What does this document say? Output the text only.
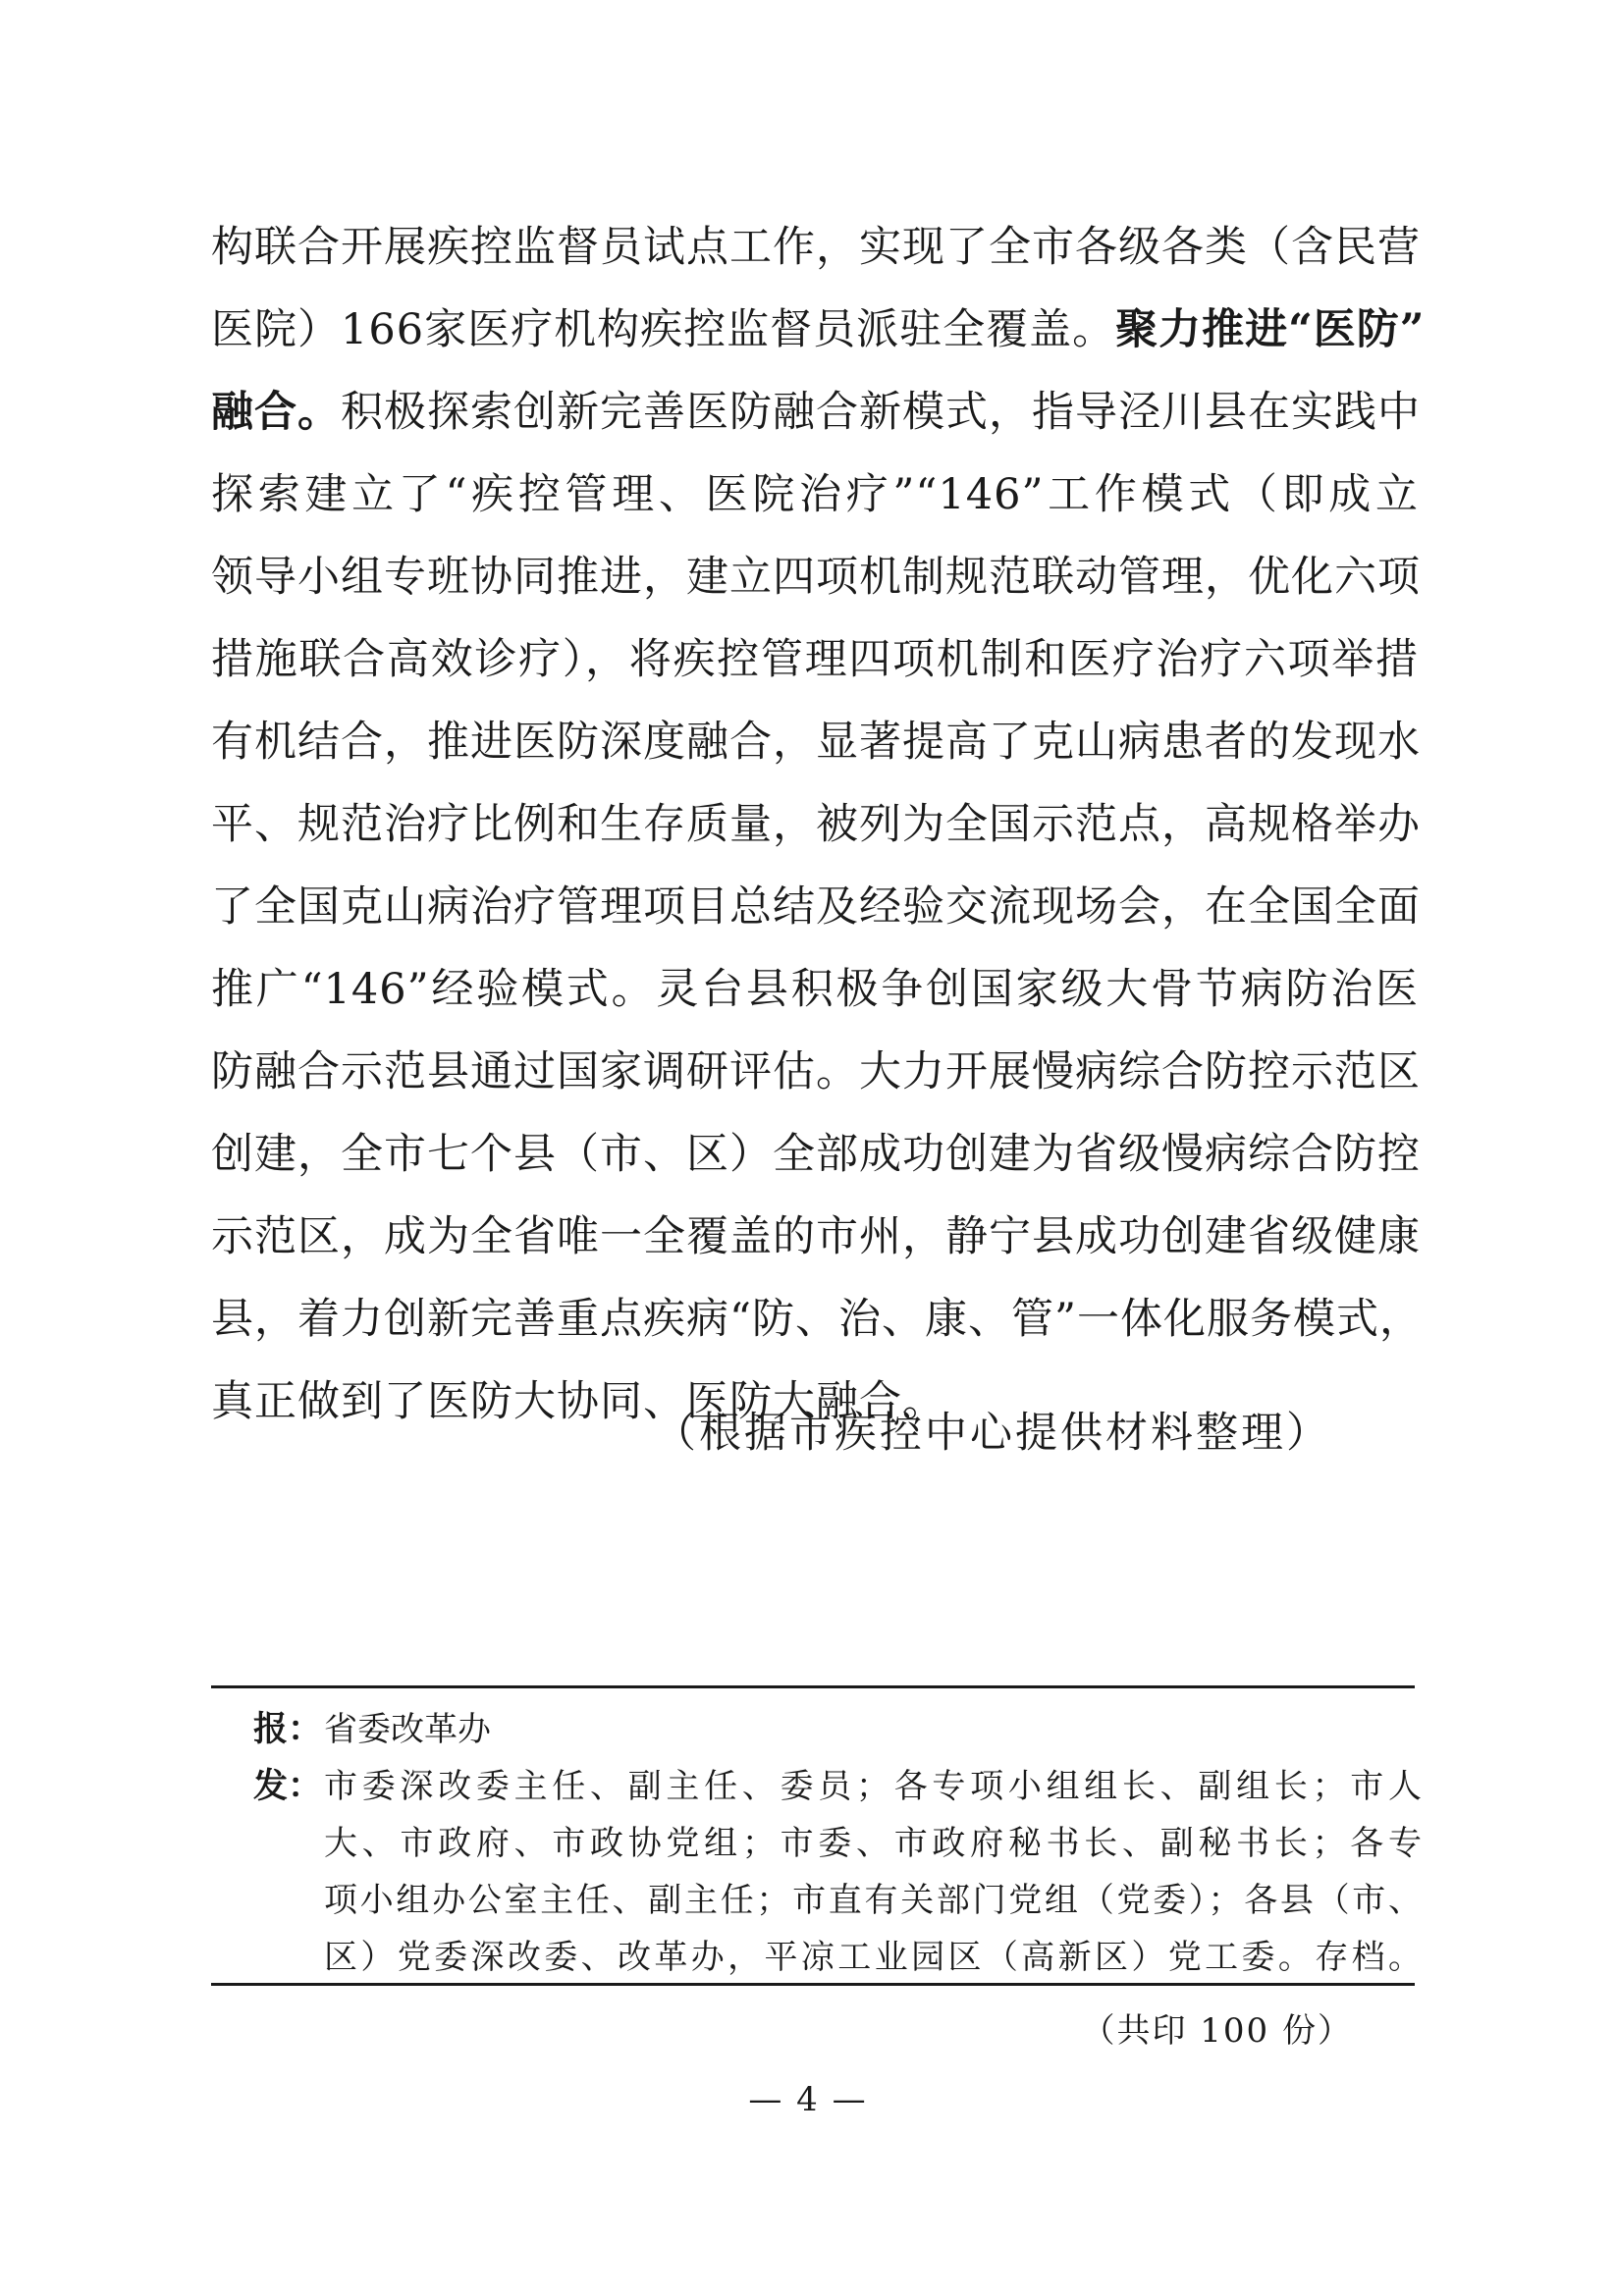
构联合开展疾控监督员试点工作，实现了全市各级各类（含民营
医院）166家医疗机构疾控监督员派驻全覆盖。聚力推进“医防”
融合。积极探索创新完善医防融合新模式，指导泾川县在实践中
探索建立了“疾控管理、医院治疗”“146”工作模式（即成立
领导小组专班协同推进，建立四项机制规范联动管理，优化六项
措施联合高效诊疗），将疾控管理四项机制和医疗治疗六项举措
有机结合，推进医防深度融合，显著提高了克山病患者的发现水
平、规范治疗比例和生存质量，被列为全国示范点，高规格举办
了全国克山病治疗管理项目总结及经验交流现场会，在全国全面
推广“146”经验模式。灵台县积极争创国家级大骨节病防治医
防融合示范县通过国家调研评估。大力开展慢病综合防控示范区
创建，全市七个县（市、区）全部成功创建为省级慢病综合防控
示范区，成为全省唯一全覆盖的市州，静宁县成功创建省级健康
县，着力创新完善重点疾病“防、治、康、管”一体化服务模式，
真正做到了医防大协同、医防大融合。
（根据市疾控中心提供材料整理）
报： 省委改革办
发： 市委深改委主任、副主任、委员；各专项小组组长、副组长；市人
大、市政府、市政协党组；市委、市政府秘书长、副秘书长；各专
项小组办公室主任、副主任；市直有关部门党组（党委）；各县（市、
区）党委深改委、改革办，平凉工业园区（高新区）党工委。存档。
（共印 100 份）
— 4 —
